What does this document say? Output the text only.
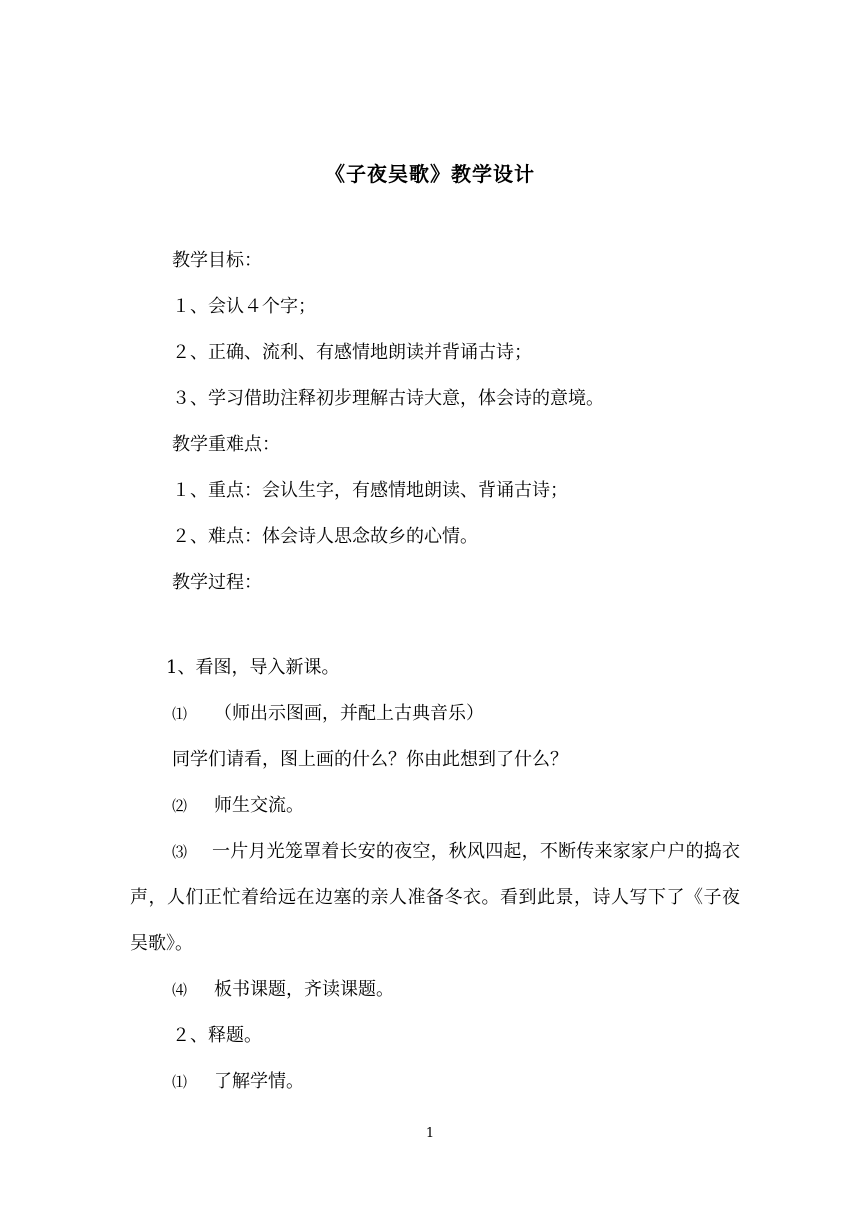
《子夜吴歌》教学设计
教学目标：
１、会认４个字；
２、正确、流利、有感情地朗读并背诵古诗；
３、学习借助注释初步理解古诗大意，体会诗的意境。
教学重难点：
１、重点：会认生字，有感情地朗读、背诵古诗；
２、难点：体会诗人思念故乡的心情。
教学过程：
1、看图，导入新课。
⑴ （师出示图画，并配上古典音乐）
同学们请看，图上画的什么？你由此想到了什么？
⑵ 师生交流。
⑶	一片月光笼罩着长安的夜空，秋风四起，不断传来家家户户的捣衣声，人们正忙着给远在边塞的亲人准备冬衣。看到此景，诗人写下了《子夜吴歌》。
⑷ 板书课题，齐读课题。
２、释题。
⑴ 了解学情。
1
